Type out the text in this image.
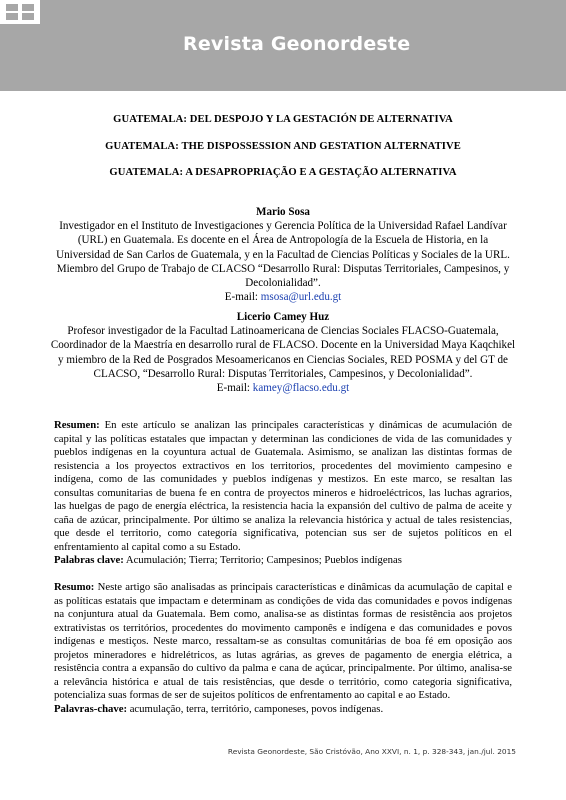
Revista Geonordeste
GUATEMALA: DEL DESPOJO Y LA GESTACIÓN DE ALTERNATIVA
GUATEMALA: THE DISPOSSESSION AND GESTATION ALTERNATIVE
GUATEMALA: A DESAPROPRIAÇÃO E A GESTAÇÃO ALTERNATIVA
Mario Sosa
Investigador en el Instituto de Investigaciones y Gerencia Política de la Universidad Rafael Landívar (URL) en Guatemala. Es docente en el Área de Antropología de la Escuela de Historia, en la Universidad de San Carlos de Guatemala, y en la Facultad de Ciencias Políticas y Sociales de la URL. Miembro del Grupo de Trabajo de CLACSO “Desarrollo Rural: Disputas Territoriales, Campesinos, y Decolonialidad”.
E-mail: msosa@url.edu.gt
Licerio Camey Huz
Profesor investigador de la Facultad Latinoamericana de Ciencias Sociales FLACSO-Guatemala, Coordinador de la Maestría en desarrollo rural de FLACSO. Docente en la Universidad Maya Kaqchikel y miembro de la Red de Posgrados Mesoamericanos en Ciencias Sociales, RED POSMA y del GT de CLACSO, “Desarrollo Rural: Disputas Territoriales, Campesinos, y Decolonialidad”.
E-mail: kamey@flacso.edu.gt
Resumen: En este artículo se analizan las principales características y dinámicas de acumulación de capital y las políticas estatales que impactan y determinan las condiciones de vida de las comunidades y pueblos indígenas en la coyuntura actual de Guatemala. Asimismo, se analizan las distintas formas de resistencia a los proyectos extractivos en los territorios, procedentes del movimiento campesino e indígena, como de las comunidades y pueblos indígenas y mestizos. En este marco, se resaltan las consultas comunitarias de buena fe en contra de proyectos mineros e hidroeléctricos, las luchas agrarios, las huelgas de pago de energía eléctrica, la resistencia hacia la expansión del cultivo de palma de aceite y caña de azúcar, principalmente. Por último se analiza la relevancia histórica y actual de tales resistencias, que desde el territorio, como categoría significativa, potencian sus ser de sujetos políticos en el enfrentamiento al capital como a su Estado.
Palabras clave: Acumulación; Tierra; Territorio; Campesinos; Pueblos indígenas
Resumo: Neste artigo são analisadas as principais características e dinâmicas da acumulação de capital e as políticas estatais que impactam e determinam as condições de vida das comunidades e povos indígenas na conjuntura atual da Guatemala. Bem como, analisa-se as distintas formas de resistência aos projetos extrativistas os territórios, procedentes do movimento camponês e indígena e das comunidades e povos indígenas e mestiços. Neste marco, ressaltam-se as consultas comunitárias de boa fé em oposição aos projetos mineradores e hidrelétricos, as lutas agrárias, as greves de pagamento de energia elétrica, a resistência contra a expansão do cultivo da palma e cana de açúcar, principalmente. Por último, analisa-se a relevância histórica e atual de tais resistências, que desde o território, como categoria significativa, potencializa suas formas de ser de sujeitos políticos de enfrentamento ao capital e ao Estado.
Palavras-chave: acumulação, terra, território, camponeses, povos indígenas.
Revista Geonordeste, São Cristóvão, Ano XXVI, n. 1, p. 328-343, jan./jul. 2015
